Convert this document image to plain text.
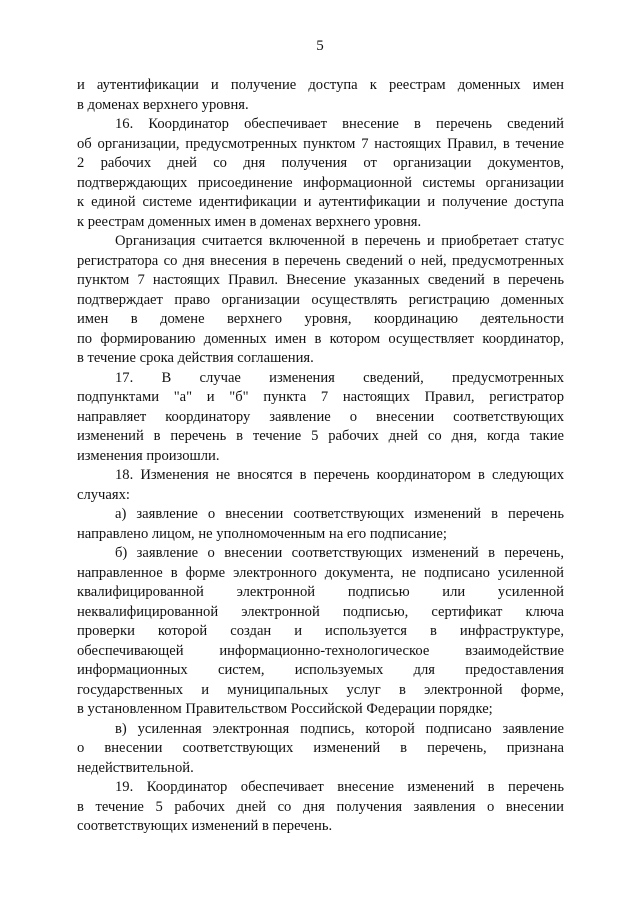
5
и аутентификации и получение доступа к реестрам доменных имен
в доменах верхнего уровня.
16. Координатор обеспечивает внесение в перечень сведений
об организации, предусмотренных пунктом 7 настоящих Правил, в течение
2 рабочих дней со дня получения от организации документов,
подтверждающих присоединение информационной системы организации
к единой системе идентификации и аутентификации и получение доступа
к реестрам доменных имен в доменах верхнего уровня.
Организация считается включенной в перечень и приобретает статус
регистратора со дня внесения в перечень сведений о ней, предусмотренных
пунктом 7 настоящих Правил. Внесение указанных сведений в перечень
подтверждает право организации осуществлять регистрацию доменных
имен в домене верхнего уровня, координацию деятельности
по формированию доменных имен в котором осуществляет координатор,
в течение срока действия соглашения.
17. В случае изменения сведений, предусмотренных
подпунктами "а" и "б" пункта 7 настоящих Правил, регистратор
направляет координатору заявление о внесении соответствующих
изменений в перечень в течение 5 рабочих дней со дня, когда такие
изменения произошли.
18. Изменения не вносятся в перечень координатором в следующих
случаях:
а) заявление о внесении соответствующих изменений в перечень
направлено лицом, не уполномоченным на его подписание;
б) заявление о внесении соответствующих изменений в перечень,
направленное в форме электронного документа, не подписано усиленной
квалифицированной электронной подписью или усиленной
неквалифицированной электронной подписью, сертификат ключа
проверки которой создан и используется в инфраструктуре,
обеспечивающей информационно-технологическое взаимодействие
информационных систем, используемых для предоставления
государственных и муниципальных услуг в электронной форме,
в установленном Правительством Российской Федерации порядке;
в) усиленная электронная подпись, которой подписано заявление
о внесении соответствующих изменений в перечень, признана
недействительной.
19. Координатор обеспечивает внесение изменений в перечень
в течение 5 рабочих дней со дня получения заявления о внесении
соответствующих изменений в перечень.
